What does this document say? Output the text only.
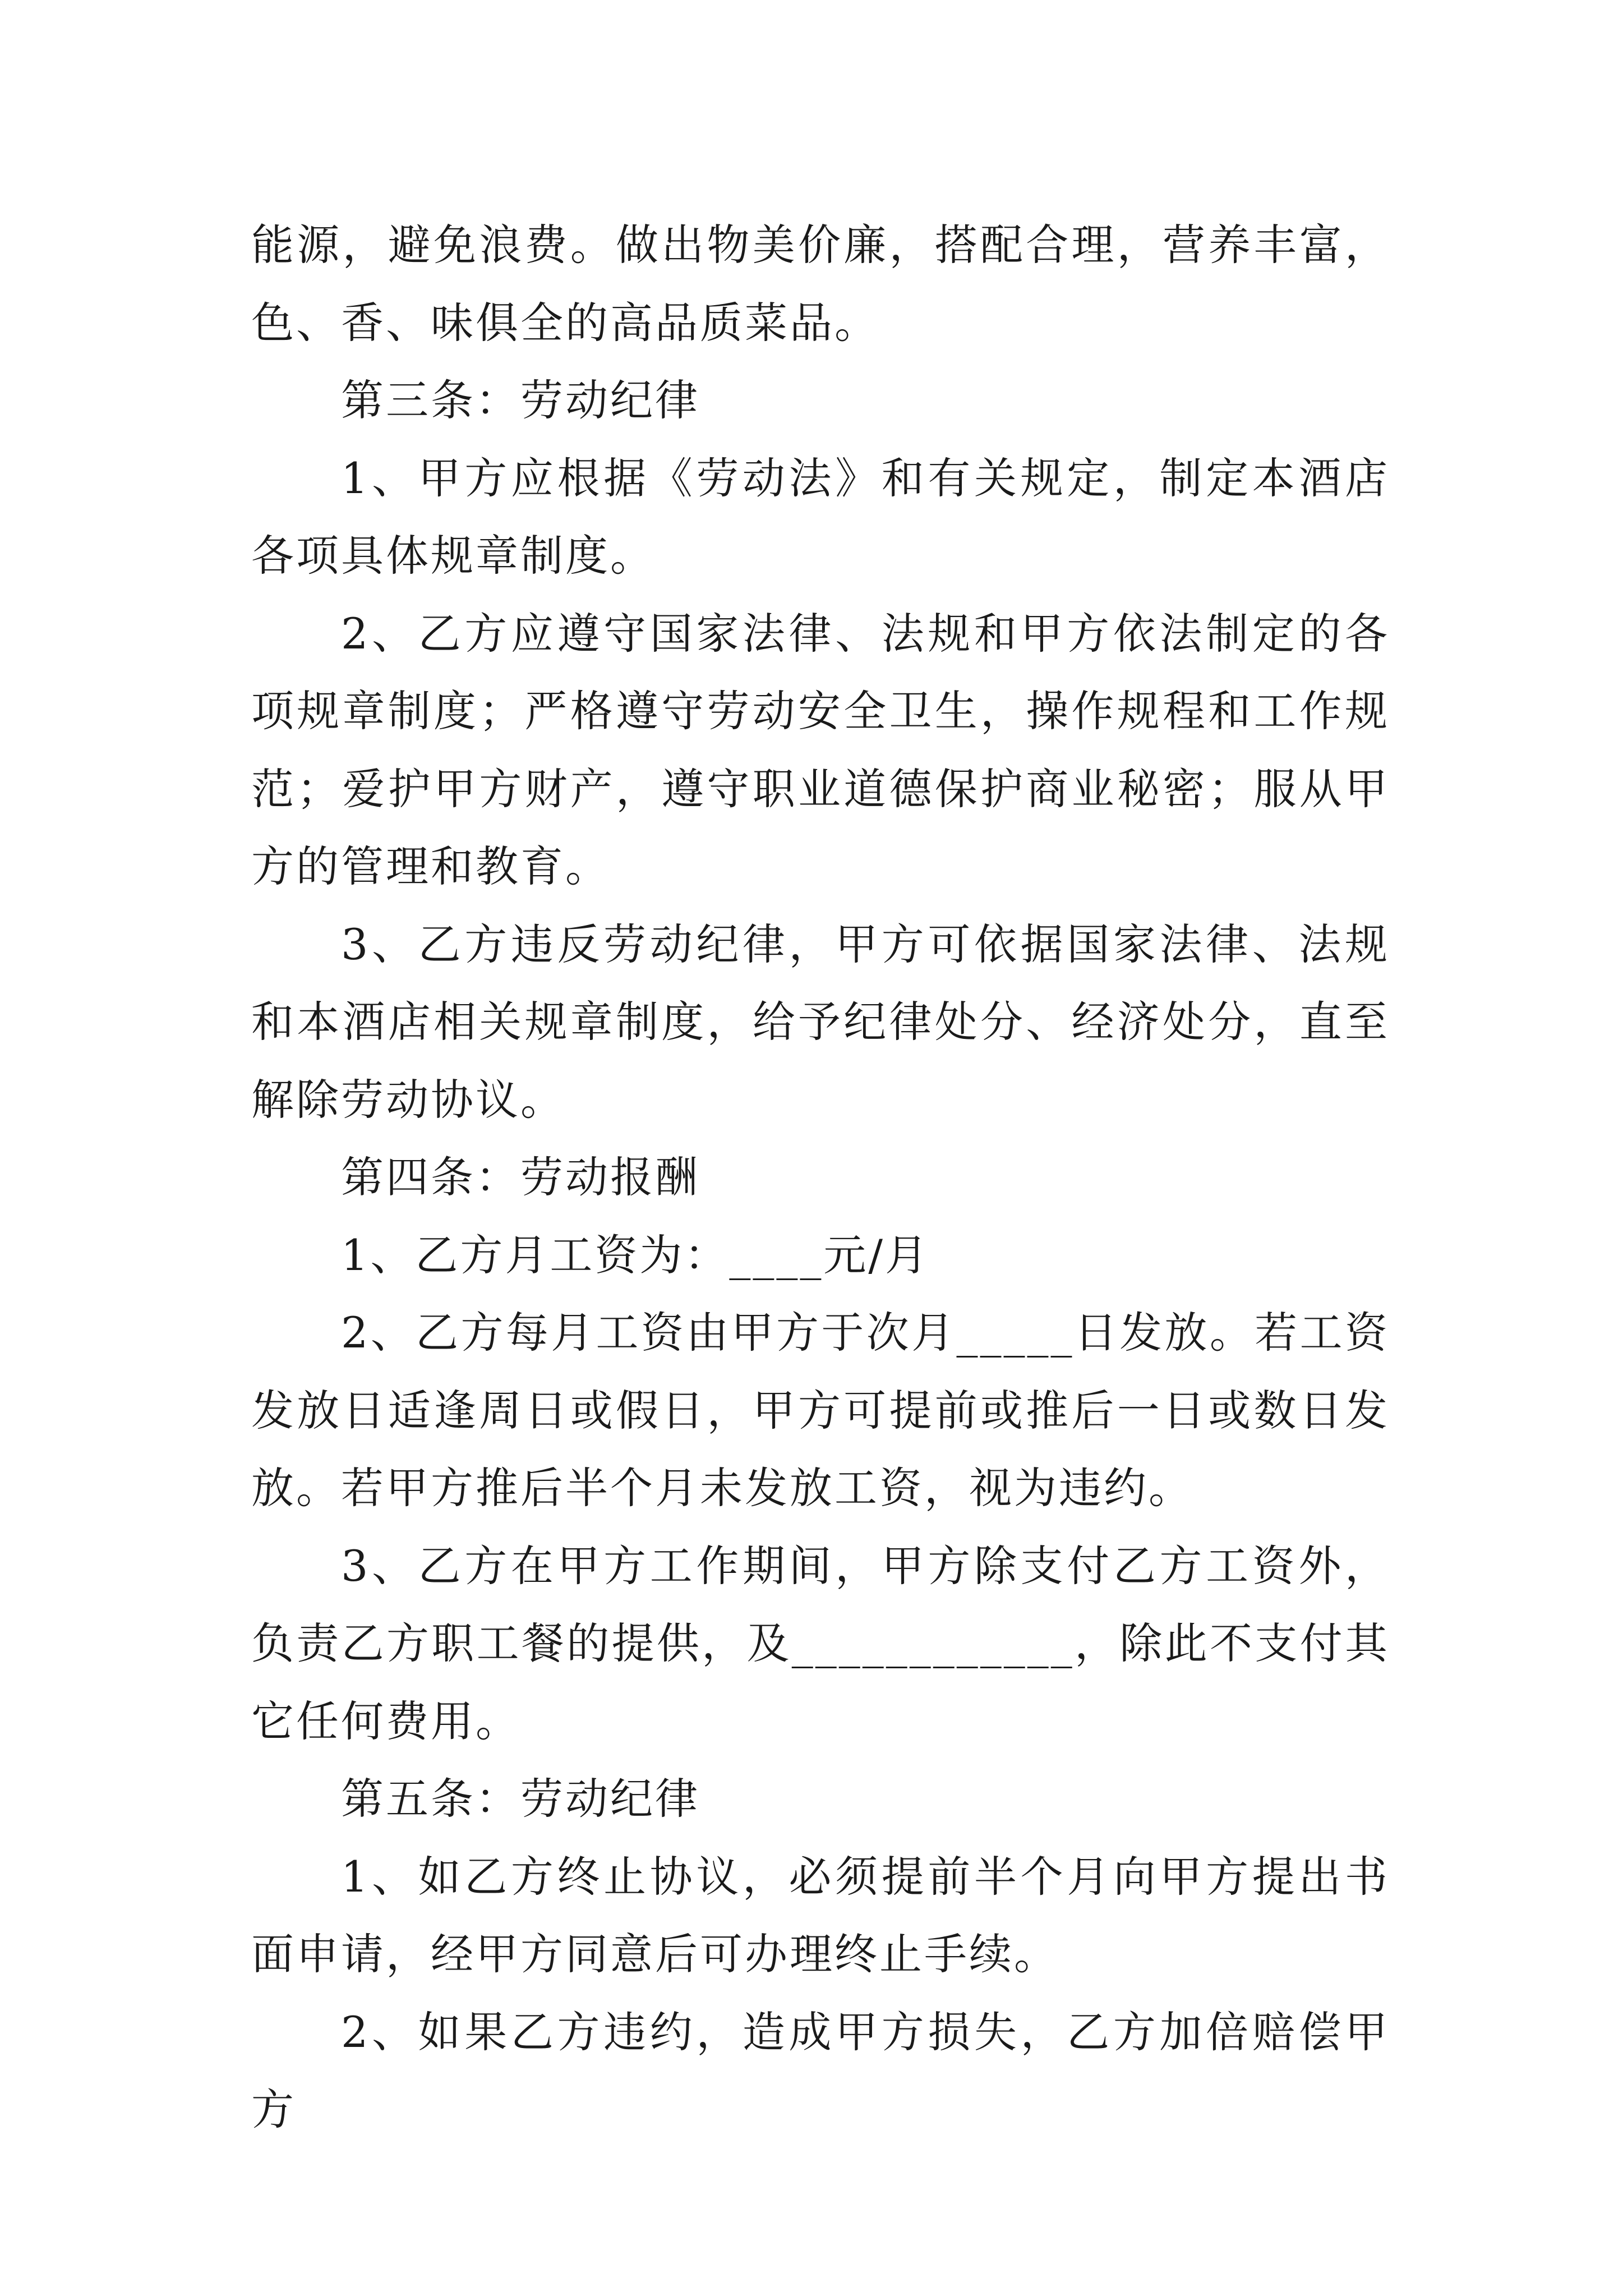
能源，避免浪费。做出物美价廉，搭配合理，营养丰富，色、香、味俱全的高品质菜品。

第三条：劳动纪律

1、甲方应根据《劳动法》和有关规定，制定本酒店各项具体规章制度。

2、乙方应遵守国家法律、法规和甲方依法制定的各项规章制度；严格遵守劳动安全卫生，操作规程和工作规范；爱护甲方财产，遵守职业道德保护商业秘密；服从甲方的管理和教育。

3、乙方违反劳动纪律，甲方可依据国家法律、法规和本酒店相关规章制度，给予纪律处分、经济处分，直至解除劳动协议。

第四条：劳动报酬

1、乙方月工资为：____元/月

2、乙方每月工资由甲方于次月_____日发放。若工资发放日适逢周日或假日，甲方可提前或推后一日或数日发放。若甲方推后半个月未发放工资，视为违约。

3、乙方在甲方工作期间，甲方除支付乙方工资外，负责乙方职工餐的提供，及____________，除此不支付其它任何费用。

第五条：劳动纪律

1、如乙方终止协议，必须提前半个月向甲方提出书面申请，经甲方同意后可办理终止手续。

2、如果乙方违约，造成甲方损失，乙方加倍赔偿甲方
